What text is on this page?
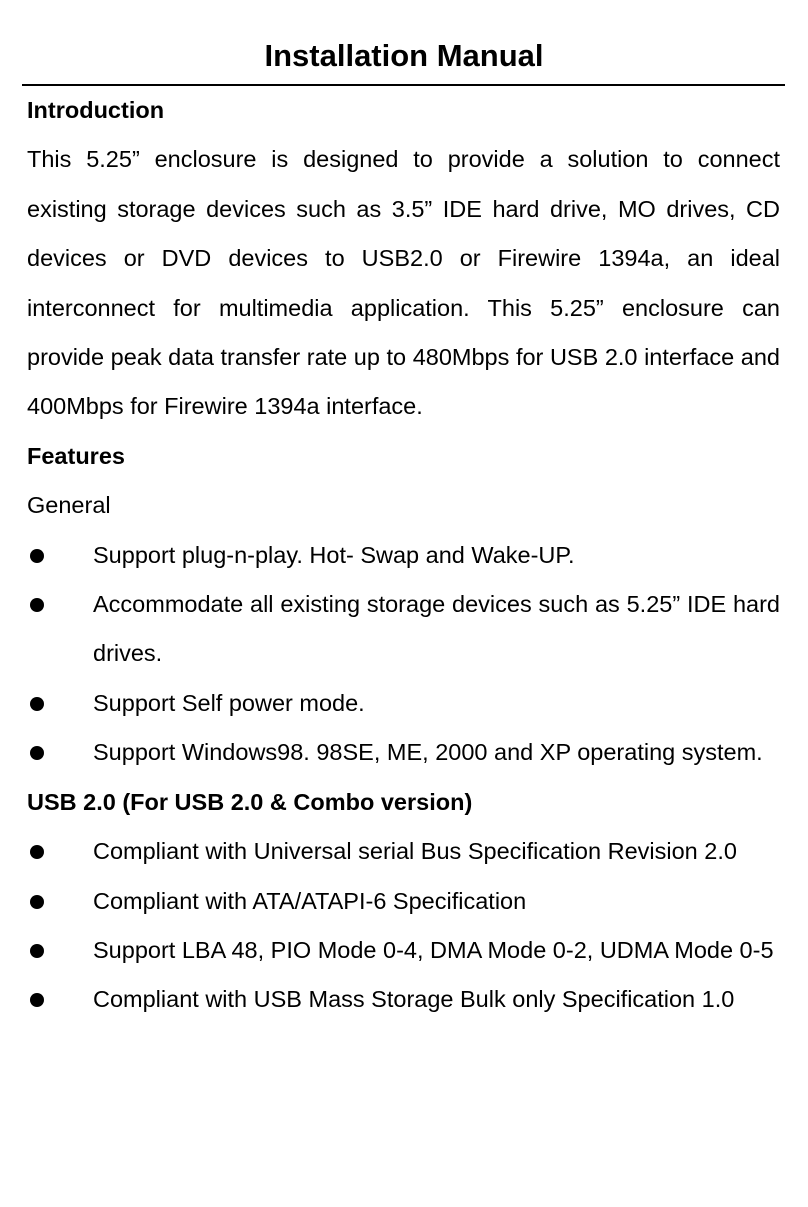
Installation Manual

Introduction

This 5.25” enclosure is designed to provide a solution to connect existing storage devices such as 3.5” IDE hard drive, MO drives, CD devices or DVD devices to USB2.0 or Firewire 1394a, an ideal interconnect for multimedia application. This 5.25” enclosure can provide peak data transfer rate up to 480Mbps for USB 2.0 interface and 400Mbps for Firewire 1394a interface.

Features

General

Support plug-n-play. Hot- Swap and Wake-UP.
Accommodate all existing storage devices such as 5.25” IDE hard drives.
Support Self power mode.
Support Windows98. 98SE, ME, 2000 and XP operating system.

USB 2.0 (For USB 2.0 & Combo version)

Compliant with Universal serial Bus Specification Revision 2.0
Compliant with ATA/ATAPI-6 Specification
Support LBA 48, PIO Mode 0-4, DMA Mode 0-2, UDMA Mode 0-5
Compliant with USB Mass Storage Bulk only Specification 1.0
